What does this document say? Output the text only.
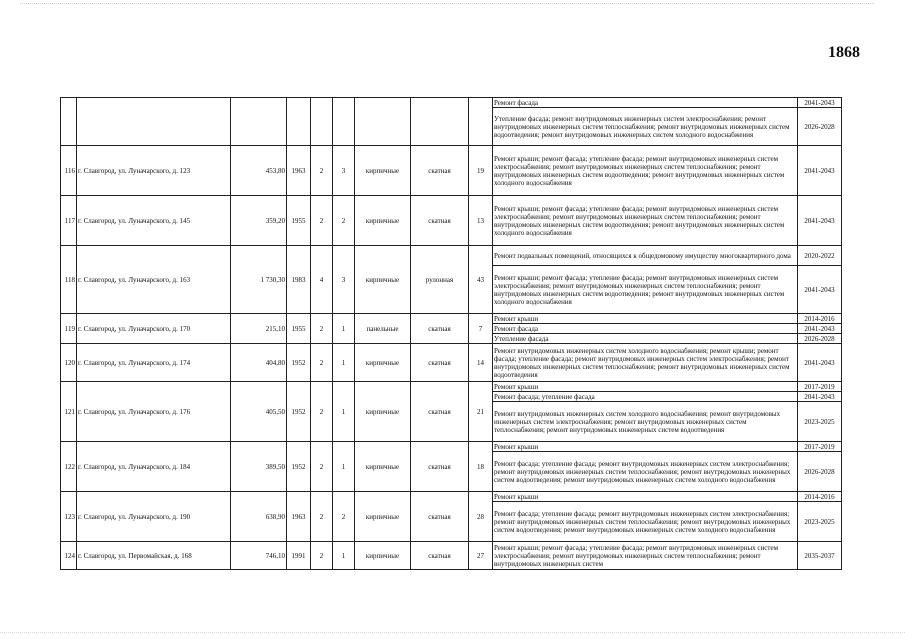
1868
									Ремонт фасада	2041-2043
									Утепление фасада; ремонт внутридомовых инженерных систем электроснабжения; ремонт внутридомовых инженерных систем теплоснабжения; ремонт внутридомовых инженерных систем водоотведения; ремонт внутридомовых инженерных систем холодного водоснабжения	2026-2028
116	г. Славгород, ул. Луначарского, д. 123	453,80	1963	2	3	кирпичные	скатная	19	Ремонт крыши; ремонт фасада; утепление фасада; ремонт внутридомовых инженерных систем электроснабжения; ремонт внутридомовых инженерных систем теплоснабжения; ремонт внутридомовых инженерных систем водоотведения; ремонт внутридомовых инженерных систем холодного водоснабжения	2041-2043
117	г. Славгород, ул. Луначарского, д. 145	359,20	1955	2	2	кирпичные	скатная	13	Ремонт крыши; ремонт фасада; утепление фасада; ремонт внутридомовых инженерных систем электроснабжения; ремонт внутридомовых инженерных систем теплоснабжения; ремонт внутридомовых инженерных систем водоотведения; ремонт внутридомовых инженерных систем холодного водоснабжения	2041-2043
118	г. Славгород, ул. Луначарского, д. 163	1 730,30	1983	4	3	кирпичные	рулонная	43	Ремонт подвальных помещений, относящихся к общедомовому имуществу многоквартирного дома	2020-2022
									Ремонт крыши; ремонт фасада; утепление фасада; ремонт внутридомовых инженерных систем электроснабжения; ремонт внутридомовых инженерных систем теплоснабжения; ремонт внутридомовых инженерных систем водоотведения; ремонт внутридомовых инженерных систем холодного водоснабжения	2041-2043
119	г. Славгород, ул. Луначарского, д. 170	215,10	1955	2	1	панельные	скатная	7	Ремонт крыши	2014-2016
									Ремонт фасада	2041-2043
									Утепление фасада	2026-2028
120	г. Славгород, ул. Луначарского, д. 174	404,80	1952	2	1	кирпичные	скатная	14	Ремонт внутридомовых инженерных систем холодного водоснабжения; ремонт крыши; ремонт фасада; утепление фасада; ремонт внутридомовых инженерных систем электроснабжения; ремонт внутридомовых инженерных систем теплоснабжения; ремонт внутридомовых инженерных систем водоотведения	2041-2043
121	г. Славгород, ул. Луначарского, д. 176	405,50	1952	2	1	кирпичные	скатная	21	Ремонт крыши	2017-2019
									Ремонт фасада; утепление фасада	2041-2043
									Ремонт внутридомовых инженерных систем холодного водоснабжения; ремонт внутридомовых инженерных систем электроснабжения; ремонт внутридомовых инженерных систем теплоснабжения; ремонт внутридомовых инженерных систем водоотведения	2023-2025
122	г. Славгород, ул. Луначарского, д. 184	389,50	1952	2	1	кирпичные	скатная	18	Ремонт крыши	2017-2019
									Ремонт фасада; утепление фасада; ремонт внутридомовых инженерных систем электроснабжения; ремонт внутридомовых инженерных систем теплоснабжения; ремонт внутридомовых инженерных систем водоотведения; ремонт внутридомовых инженерных систем холодного водоснабжения	2026-2028
123	г. Славгород, ул. Луначарского, д. 190	638,90	1963	2	2	кирпичные	скатная	28	Ремонт крыши	2014-2016
									Ремонт фасада; утепление фасада; ремонт внутридомовых инженерных систем электроснабжения; ремонт внутридомовых инженерных систем теплоснабжения; ремонт внутридомовых инженерных систем водоотведения; ремонт внутридомовых инженерных систем холодного водоснабжения	2023-2025
124	г. Славгород, ул. Первомайская, д. 168	746,10	1991	2	1	кирпичные	скатная	27	Ремонт крыши; ремонт фасада; утепление фасада; ремонт внутридомовых инженерных систем электроснабжения; ремонт внутридомовых инженерных систем теплоснабжения; ремонт внутридомовых инженерных систем	2035-2037
